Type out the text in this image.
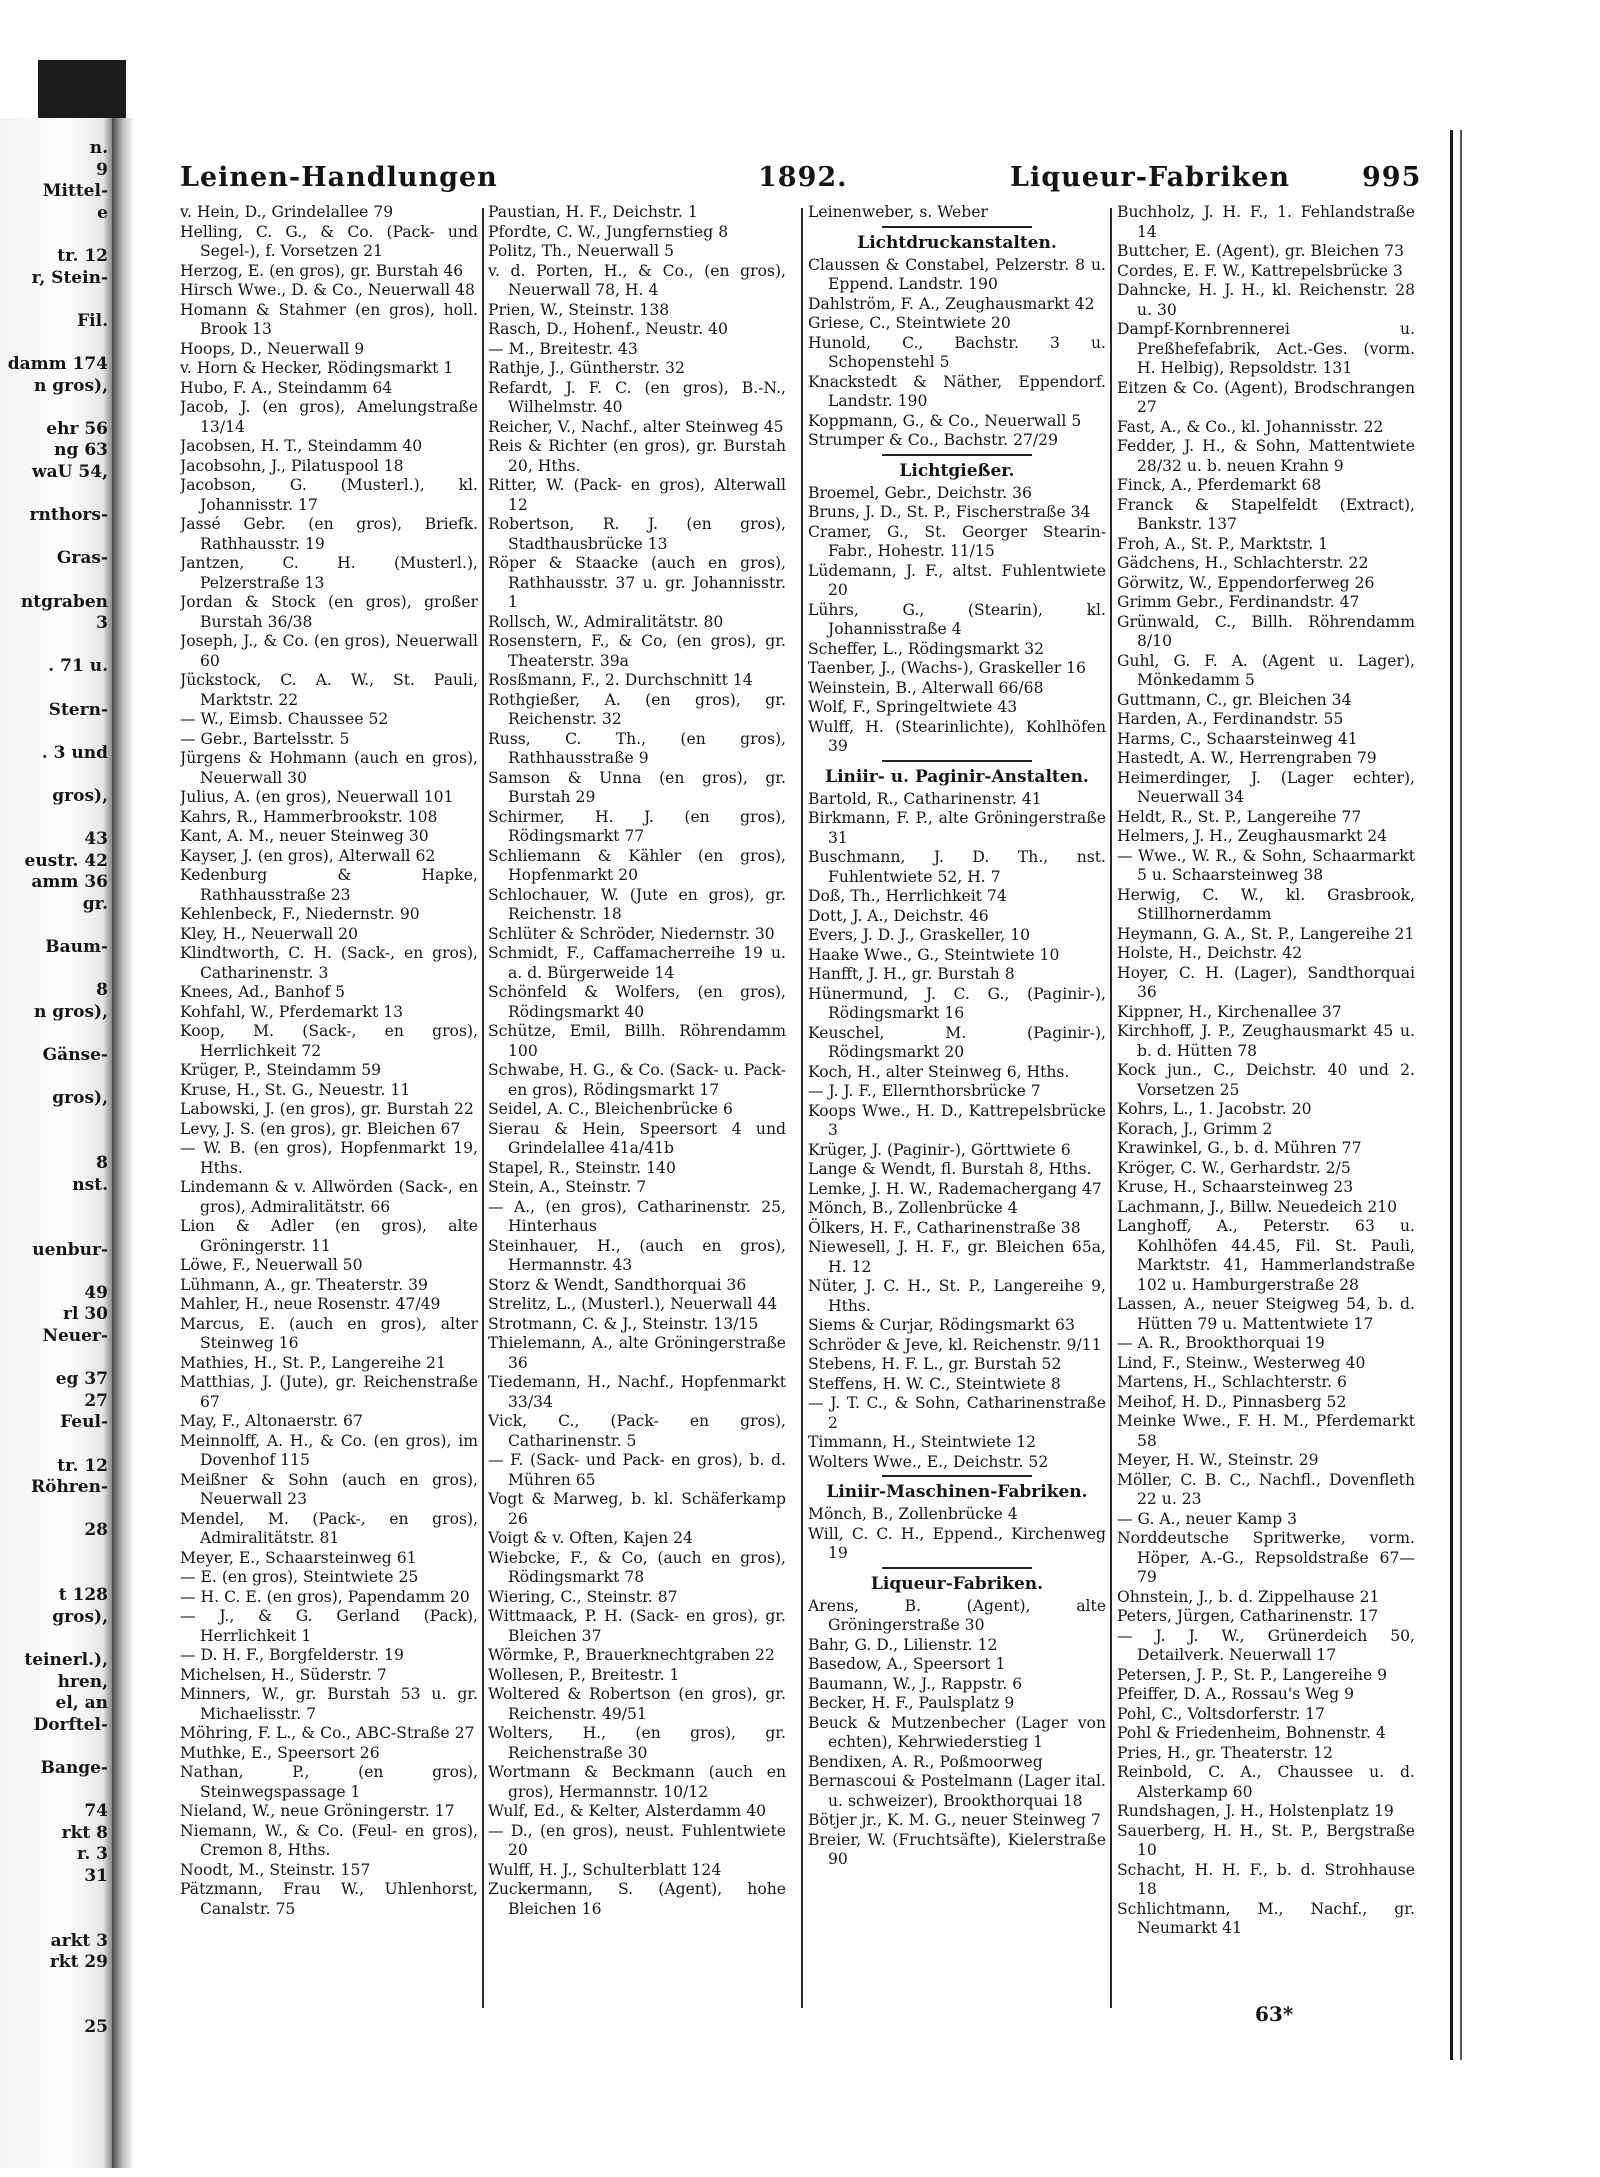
n.
9
Mittel-
e
tr. 12
r, Stein-
Fil.
damm 174
n gros),
ehr 56
ng 63
waU 54,
rnthors-
Gras-
ntgraben
3
. 71 u.
Stern-
. 3 und
gros),
43
eustr. 42
amm 36
gr.
Baum-
8
n gros),
Gänse-
gros),
8
nst.
uenbur-
49
rl 30
Neuer-
eg 37
27
Feul-
tr. 12
Röhren-
28
t 128
gros),
teinerl.),
hren,
el, an
Dorftel-
Bange-
74
rkt 8
r. 3
31
arkt 3
rkt 29
25
Leinen-Handlungen	1892.	Liqueur-Fabriken	995

v. Hein, D., Grindelallee 79

Helling, C. G., & Co. (Pack- und Segel-), f. Vorsetzen 21

Herzog, E. (en gros), gr. Burstah 46

Hirsch Wwe., D. & Co., Neuerwall 48

Homann & Stahmer (en gros), holl. Brook 13

Hoops, D., Neuerwall 9

v. Horn & Hecker, Rödingsmarkt 1

Hubo, F. A., Steindamm 64

Jacob, J. (en gros), Amelungstraße 13/14

Jacobsen, H. T., Steindamm 40

Jacobsohn, J., Pilatuspool 18

Jacobson, G. (Musterl.), kl. Johannisstr. 17

Jassé Gebr. (en gros), Briefk. Rathhausstr. 19

Jantzen, C. H. (Musterl.), Pelzerstraße 13

Jordan & Stock (en gros), großer Burstah 36/38

Joseph, J., & Co. (en gros), Neuerwall 60

Jückstock, C. A. W., St. Pauli, Marktstr. 22

— W., Eimsb. Chaussee 52

— Gebr., Bartelsstr. 5

Jürgens & Hohmann (auch en gros), Neuerwall 30

Julius, A. (en gros), Neuerwall 101

Kahrs, R., Hammerbrookstr. 108

Kant, A. M., neuer Steinweg 30

Kayser, J. (en gros), Alterwall 62

Kedenburg & Hapke, Rathhausstraße 23

Kehlenbeck, F., Niedernstr. 90

Kley, H., Neuerwall 20

Klindtworth, C. H. (Sack-, en gros), Catharinenstr. 3

Knees, Ad., Banhof 5

Kohfahl, W., Pferdemarkt 13

Koop, M. (Sack-, en gros), Herrlichkeit 72

Krüger, P., Steindamm 59

Kruse, H., St. G., Neuestr. 11

Labowski, J. (en gros), gr. Burstah 22

Levy, J. S. (en gros), gr. Bleichen 67

— W. B. (en gros), Hopfenmarkt 19, Hths.

Lindemann & v. Allwörden (Sack-, en gros), Admiralitätstr. 66

Lion & Adler (en gros), alte Gröningerstr. 11

Löwe, F., Neuerwall 50

Lühmann, A., gr. Theaterstr. 39

Mahler, H., neue Rosenstr. 47/49

Marcus, E. (auch en gros), alter Steinweg 16

Mathies, H., St. P., Langereihe 21

Matthias, J. (Jute), gr. Reichenstraße 67

May, F., Altonaerstr. 67

Meinnolff, A. H., & Co. (en gros), im Dovenhof 115

Meißner & Sohn (auch en gros), Neuerwall 23

Mendel, M. (Pack-, en gros), Admiralitätstr. 81

Meyer, E., Schaarsteinweg 61

— E. (en gros), Steintwiete 25

— H. C. E. (en gros), Papendamm 20

— J., & G. Gerland (Pack), Herrlichkeit 1

— D. H. F., Borgfelderstr. 19

Michelsen, H., Süderstr. 7

Minners, W., gr. Burstah 53 u. gr. Michaelisstr. 7

Möhring, F. L., & Co., ABC-Straße 27

Muthke, E., Speersort 26

Nathan, P., (en gros), Steinwegspassage 1

Nieland, W., neue Gröningerstr. 17

Niemann, W., & Co. (Feul- en gros), Cremon 8, Hths.

Noodt, M., Steinstr. 157

Pätzmann, Frau W., Uhlenhorst, Canalstr. 75

Paustian, H. F., Deichstr. 1

Pfordte, C. W., Jungfernstieg 8

Politz, Th., Neuerwall 5

v. d. Porten, H., & Co., (en gros), Neuerwall 78, H. 4

Prien, W., Steinstr. 138

Rasch, D., Hohenf., Neustr. 40

— M., Breitestr. 43

Rathje, J., Güntherstr. 32

Refardt, J. F. C. (en gros), B.-N., Wilhelmstr. 40

Reicher, V., Nachf., alter Steinweg 45

Reis & Richter (en gros), gr. Burstah 20, Hths.

Ritter, W. (Pack- en gros), Alterwall 12

Robertson, R. J. (en gros), Stadthausbrücke 13

Röper & Staacke (auch en gros), Rathhausstr. 37 u. gr. Johannisstr. 1

Rollsch, W., Admiralitätstr. 80

Rosenstern, F., & Co, (en gros), gr. Theaterstr. 39a

Rosßmann, F., 2. Durchschnitt 14

Rothgießer, A. (en gros), gr. Reichenstr. 32

Russ, C. Th., (en gros), Rathhausstraße 9

Samson & Unna (en gros), gr. Burstah 29

Schirmer, H. J. (en gros), Rödingsmarkt 77

Schliemann & Kähler (en gros), Hopfenmarkt 20

Schlochauer, W. (Jute en gros), gr. Reichenstr. 18

Schlüter & Schröder, Niedernstr. 30

Schmidt, F., Caffamacherreihe 19 u. a. d. Bürgerweide 14

Schönfeld & Wolfers, (en gros), Rödingsmarkt 40

Schütze, Emil, Billh. Röhrendamm 100

Schwabe, H. G., & Co. (Sack- u. Pack- en gros), Rödingsmarkt 17

Seidel, A. C., Bleichenbrücke 6

Sierau & Hein, Speersort 4 und Grindelallee 41a/41b

Stapel, R., Steinstr. 140

Stein, A., Steinstr. 7

— A., (en gros), Catharinenstr. 25, Hinterhaus

Steinhauer, H., (auch en gros), Hermannstr. 43

Storz & Wendt, Sandthorquai 36

Strelitz, L., (Musterl.), Neuerwall 44

Strotmann, C. & J., Steinstr. 13/15

Thielemann, A., alte Gröningerstraße 36

Tiedemann, H., Nachf., Hopfenmarkt 33/34

Vick, C., (Pack- en gros), Catharinenstr. 5

— F. (Sack- und Pack- en gros), b. d. Mühren 65

Vogt & Marweg, b. kl. Schäferkamp 26

Voigt & v. Often, Kajen 24

Wiebcke, F., & Co, (auch en gros), Rödingsmarkt 78

Wiering, C., Steinstr. 87

Wittmaack, P. H. (Sack- en gros), gr. Bleichen 37

Wörmke, P., Brauerknechtgraben 22

Wollesen, P., Breitestr. 1

Woltered & Robertson (en gros), gr. Reichenstr. 49/51

Wolters, H., (en gros), gr. Reichenstraße 30

Wortmann & Beckmann (auch en gros), Hermannstr. 10/12

Wulf, Ed., & Kelter, Alsterdamm 40

— D., (en gros), neust. Fuhlentwiete 20

Wulff, H. J., Schulterblatt 124

Zuckermann, S. (Agent), hohe Bleichen 16

Leinenweber, s. Weber

Lichtdruckanstalten.

Claussen & Constabel, Pelzerstr. 8 u. Eppend. Landstr. 190

Dahlström, F. A., Zeughausmarkt 42

Griese, C., Steintwiete 20

Hunold, C., Bachstr. 3 u. Schopenstehl 5

Knackstedt & Näther, Eppendorf. Landstr. 190

Koppmann, G., & Co., Neuerwall 5

Strumper & Co., Bachstr. 27/29

Lichtgießer.

Broemel, Gebr., Deichstr. 36

Bruns, J. D., St. P., Fischerstraße 34

Cramer, G., St. Georger Stearin-Fabr., Hohestr. 11/15

Lüdemann, J. F., altst. Fuhlentwiete 20

Lührs, G., (Stearin), kl. Johannisstraße 4

Scheffer, L., Rödingsmarkt 32

Taenber, J., (Wachs-), Graskeller 16

Weinstein, B., Alterwall 66/68

Wolf, F., Springeltwiete 43

Wulff, H. (Stearinlichte), Kohlhöfen 39

Liniir- u. Paginir-Anstalten.

Bartold, R., Catharinenstr. 41

Birkmann, F. P., alte Gröningerstraße 31

Buschmann, J. D. Th., nst. Fuhlentwiete 52, H. 7

Doß, Th., Herrlichkeit 74

Dott, J. A., Deichstr. 46

Evers, J. D. J., Graskeller, 10

Haake Wwe., G., Steintwiete 10

Hanfft, J. H., gr. Burstah 8

Hünermund, J. C. G., (Paginir-), Rödingsmarkt 16

Keuschel, M. (Paginir-), Rödingsmarkt 20

Koch, H., alter Steinweg 6, Hths.

— J. J. F., Ellernthorsbrücke 7

Koops Wwe., H. D., Kattrepelsbrücke 3

Krüger, J. (Paginir-), Görttwiete 6

Lange & Wendt, fl. Burstah 8, Hths.

Lemke, J. H. W., Rademachergang 47

Mönch, B., Zollenbrücke 4

Ölkers, H. F., Catharinenstraße 38

Niewesell, J. H. F., gr. Bleichen 65a, H. 12

Nüter, J. C. H., St. P., Langereihe 9, Hths.

Siems & Curjar, Rödingsmarkt 63

Schröder & Jeve, kl. Reichenstr. 9/11

Stebens, H. F. L., gr. Burstah 52

Steffens, H. W. C., Steintwiete 8

— J. T. C., & Sohn, Catharinenstraße 2

Timmann, H., Steintwiete 12

Wolters Wwe., E., Deichstr. 52

Liniir-Maschinen-Fabriken.

Mönch, B., Zollenbrücke 4

Will, C. C. H., Eppend., Kirchenweg 19

Liqueur-Fabriken.

Arens, B. (Agent), alte Gröningerstraße 30

Bahr, G. D., Lilienstr. 12

Basedow, A., Speersort 1

Baumann, W., J., Rappstr. 6

Becker, H. F., Paulsplatz 9

Beuck & Mutzenbecher (Lager von echten), Kehrwiederstieg 1

Bendixen, A. R., Poßmoorweg

Bernascoui & Postelmann (Lager ital. u. schweizer), Brookthorquai 18

Bötjer jr., K. M. G., neuer Steinweg 7

Breier, W. (Fruchtsäfte), Kielerstraße 90

Buchholz, J. H. F., 1. Fehlandstraße 14

Buttcher, E. (Agent), gr. Bleichen 73

Cordes, E. F. W., Kattrepelsbrücke 3

Dahncke, H. J. H., kl. Reichenstr. 28 u. 30

Dampf-Kornbrennerei u. Preßhefefabrik, Act.-Ges. (vorm. H. Helbig), Repsoldstr. 131

Eitzen & Co. (Agent), Brodschrangen 27

Fast, A., & Co., kl. Johannisstr. 22

Fedder, J. H., & Sohn, Mattentwiete 28/32 u. b. neuen Krahn 9

Finck, A., Pferdemarkt 68

Franck & Stapelfeldt (Extract), Bankstr. 137

Froh, A., St. P., Marktstr. 1

Gädchens, H., Schlachterstr. 22

Görwitz, W., Eppendorferweg 26

Grimm Gebr., Ferdinandstr. 47

Grünwald, C., Billh. Röhrendamm 8/10

Guhl, G. F. A. (Agent u. Lager), Mönkedamm 5

Guttmann, C., gr. Bleichen 34

Harden, A., Ferdinandstr. 55

Harms, C., Schaarsteinweg 41

Hastedt, A. W., Herrengraben 79

Heimerdinger, J. (Lager echter), Neuerwall 34

Heldt, R., St. P., Langereihe 77

Helmers, J. H., Zeughausmarkt 24

— Wwe., W. R., & Sohn, Schaarmarkt 5 u. Schaarsteinweg 38

Herwig, C. W., kl. Grasbrook, Stillhornerdamm

Heymann, G. A., St. P., Langereihe 21

Holste, H., Deichstr. 42

Hoyer, C. H. (Lager), Sandthorquai 36

Kippner, H., Kirchenallee 37

Kirchhoff, J. P., Zeughausmarkt 45 u. b. d. Hütten 78

Kock jun., C., Deichstr. 40 und 2. Vorsetzen 25

Kohrs, L., 1. Jacobstr. 20

Korach, J., Grimm 2

Krawinkel, G., b. d. Mühren 77

Kröger, C. W., Gerhardstr. 2/5

Kruse, H., Schaarsteinweg 23

Lachmann, J., Billw. Neuedeich 210

Langhoff, A., Peterstr. 63 u. Kohlhöfen 44.45, Fil. St. Pauli, Marktstr. 41, Hammerlandstraße 102 u. Hamburgerstraße 28

Lassen, A., neuer Steigweg 54, b. d. Hütten 79 u. Mattentwiete 17

— A. R., Brookthorquai 19

Lind, F., Steinw., Westerweg 40

Martens, H., Schlachterstr. 6

Meihof, H. D., Pinnasberg 52

Meinke Wwe., F. H. M., Pferdemarkt 58

Meyer, H. W., Steinstr. 29

Möller, C. B. C., Nachfl., Dovenfleth 22 u. 23

— G. A., neuer Kamp 3

Norddeutsche Spritwerke, vorm. Höper, A.-G., Repsoldstraße 67—79

Ohnstein, J., b. d. Zippelhause 21

Peters, Jürgen, Catharinenstr. 17

— J. J. W., Grünerdeich 50, Detailverk. Neuerwall 17

Petersen, J. P., St. P., Langereihe 9

Pfeiffer, D. A., Rossau's Weg 9

Pohl, C., Voltsdorferstr. 17

Pohl & Friedenheim, Bohnenstr. 4

Pries, H., gr. Theaterstr. 12

Reinbold, C. A., Chaussee u. d. Alsterkamp 60

Rundshagen, J. H., Holstenplatz 19

Sauerberg, H. H., St. P., Bergstraße 10

Schacht, H. H. F., b. d. Strohhause 18

Schlichtmann, M., Nachf., gr. Neumarkt 41

63*
